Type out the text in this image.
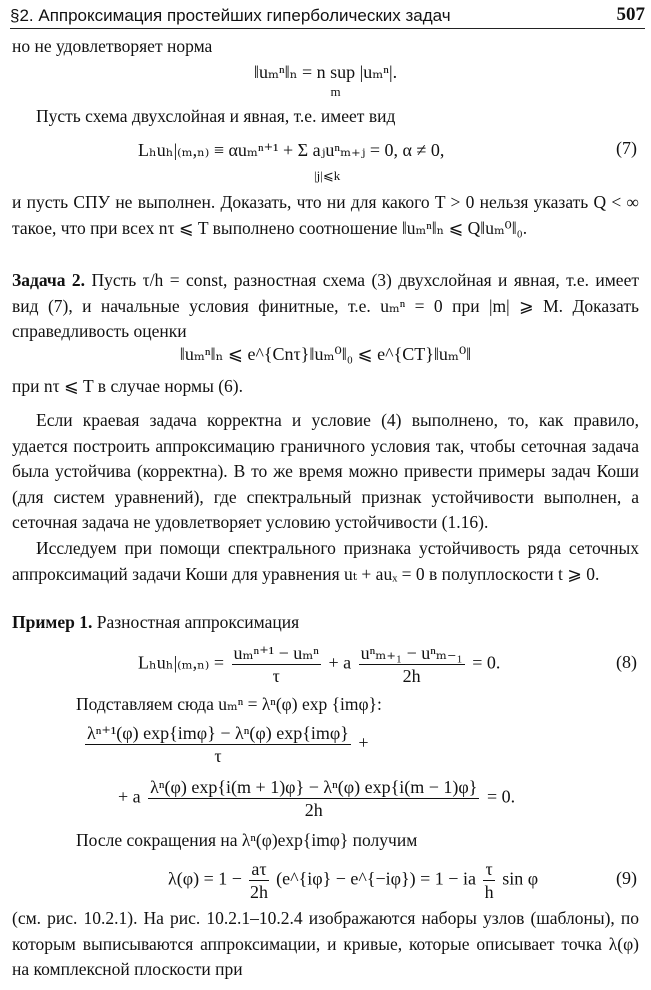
§2. Аппроксимация простейших гиперболических задач	507
но не удовлетворяет норма
‖uₘⁿ‖ₙ = n sup |uₘⁿ|.
m
Пусть схема двухслойная и явная, т.е. имеет вид
Lₕuₕ|₍ₘ,ₙ₎ ≡ αuₘⁿ⁺¹ + Σ aⱼuⁿₘ₊ⱼ = 0, α ≠ 0,
|j|⩽k
(7)
и пусть СПУ не выполнен. Доказать, что ни для какого T > 0 нельзя указать Q < ∞ такое, что при всех nτ ⩽ T выполнено соотношение ‖uₘⁿ‖ₙ ⩽ Q‖uₘ⁰‖₀.
Задача 2. Пусть τ/h = const, разностная схема (3) двухслойная и явная, т.е. имеет вид (7), и начальные условия финитные, т.е. uₘⁿ = 0 при |m| ⩾ M. Доказать справедливость оценки
‖uₘⁿ‖ₙ ⩽ e^{Cnτ}‖uₘ⁰‖₀ ⩽ e^{CT}‖uₘ⁰‖
при nτ ⩽ T в случае нормы (6).
Если краевая задача корректна и условие (4) выполнено, то, как правило, удается построить аппроксимацию граничного условия так, чтобы сеточная задача была устойчива (корректна). В то же время можно привести примеры задач Коши (для систем уравнений), где спектральный признак устойчивости выполнен, а сеточная задача не удовлетворяет условию устойчивости (1.16).
Исследуем при помощи спектрального признака устойчивость ряда сеточных аппроксимаций задачи Коши для уравнения uₜ + auₓ = 0 в полуплоскости t ⩾ 0.
Пример 1. Разностная аппроксимация
$L_hu_h|_{(m},_{n)} = \frac{\text{uₘⁿ⁺¹ − uₘⁿ}}{\tau} + a \frac{\text{uⁿₘ₊₁ − uⁿₘ₋₁}}{2h} = 0$.	(8)
Подставляем сюда uₘⁿ = λⁿ(φ) exp {imφ}:
$\frac{\text{λⁿ⁺¹(φ) exp\{imφ\} − λⁿ(φ) exp\{imφ\}}}{\tau}$ +
+ a $\frac{\text{λⁿ(φ) exp\{i(m + 1)φ\} − λⁿ(φ) exp\{i(m − 1)φ\}}}{2h} = 0$.
После сокращения на λⁿ(φ)exp{imφ} получим
$\lambda(\varphi) = 1 - \frac{a\tau}{2h}$ (e^{iφ} − e^{−iφ}) = 1 − ia $\frac{\tau}{h}$ sin φ	(9)
(см. рис. 10.2.1). На рис. 10.2.1–10.2.4 изображаются наборы узлов (шаблоны), по которым выписываются аппроксимации, и кривые, которые описывает точка λ(φ) на комплексной плоскости при
